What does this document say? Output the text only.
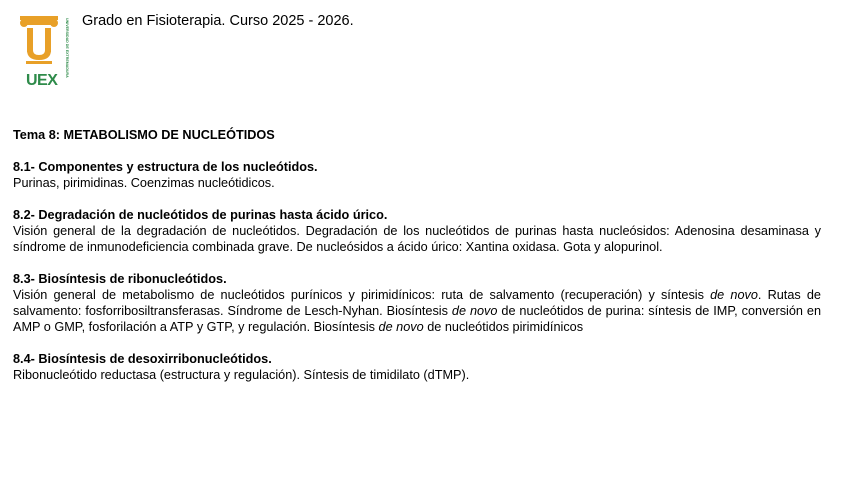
UEX
UNIVERSIDAD DE EXTREMADURA Grado en Fisioterapia. Curso 2025 - 2026.

Tema 8: METABOLISMO DE NUCLEÓTIDOS

8.1- Componentes y estructura de los nucleótidos.

Purinas, pirimidinas. Coenzimas nucleótidicos.

8.2- Degradación de nucleótidos de purinas hasta ácido úrico.

Visión general de la degradación de nucleótidos. Degradación de los nucleótidos de purinas hasta nucleósidos: Adenosina desaminasa y síndrome de inmunodeficiencia combinada grave. De nucleósidos a ácido úrico: Xantina oxidasa. Gota y alopurinol.

8.3- Biosíntesis de ribonucleótidos.

Visión general de metabolismo de nucleótidos purínicos y pirimidínicos: ruta de salvamento (recuperación) y síntesis de novo. Rutas de salvamento: fosforribosiltransferasas. Síndrome de Lesch-Nyhan. Biosíntesis de novo de nucleótidos de purina: síntesis de IMP, conversión en AMP o GMP, fosforilación a ATP y GTP, y regulación. Biosíntesis de novo de nucleótidos pirimidínicos

8.4- Biosíntesis de desoxirribonucleótidos.

Ribonucleótido reductasa (estructura y regulación). Síntesis de timidilato (dTMP).
